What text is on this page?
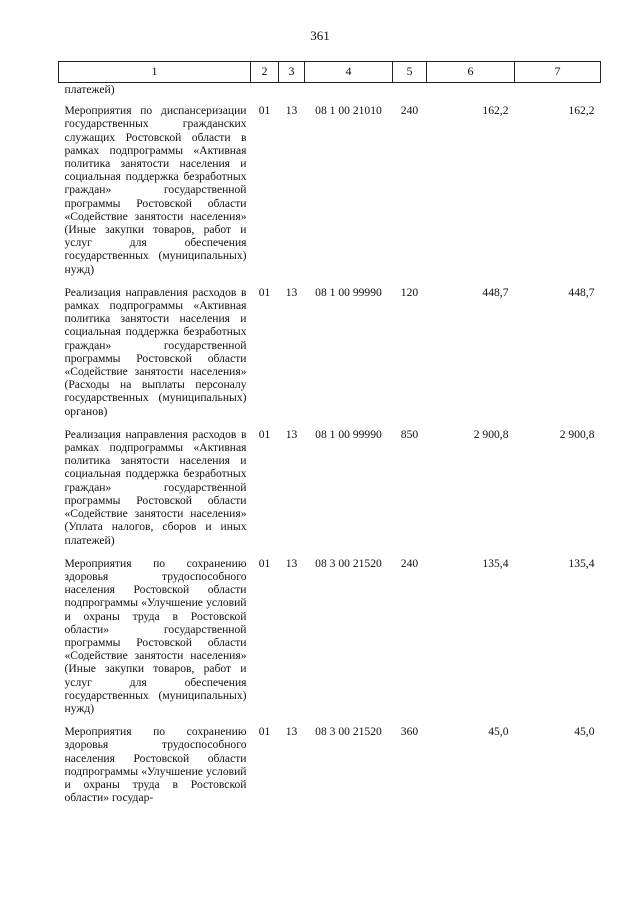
361
1	2	3	4	5	6	7
платежей)						
Мероприятия по диспансеризации государственных гражданских служащих Ростовской области в рамках подпрограммы «Активная политика занятости населения и социальная поддержка безработных граждан» государственной программы Ростовской области «Содействие занятости населения» (Иные закупки товаров, работ и услуг для обеспечения государственных (муниципальных) нужд)	01	13	08 1 00 21010	240	162,2	162,2
Реализация направления расходов в рамках подпрограммы «Активная политика занятости населения и социальная поддержка безработных граждан» государственной программы Ростовской области «Содействие занятости населения» (Расходы на выплаты персоналу государственных (муниципальных) органов)	01	13	08 1 00 99990	120	448,7	448,7
Реализация направления расходов в рамках подпрограммы «Активная политика занятости населения и социальная поддержка безработных граждан» государственной программы Ростовской области «Содействие занятости населения» (Уплата налогов, сборов и иных платежей)	01	13	08 1 00 99990	850	2 900,8	2 900,8
Мероприятия по сохранению здоровья трудоспособного населения Ростовской области подпрограммы «Улучшение условий и охраны труда в Ростовской области» государственной программы Ростовской области «Содействие занятости населения» (Иные закупки товаров, работ и услуг для обеспечения государственных (муниципальных) нужд)	01	13	08 3 00 21520	240	135,4	135,4
Мероприятия по сохранению здоровья трудоспособного населения Ростовской области подпрограммы «Улучшение условий и охраны труда в Ростовской области» государ-	01	13	08 3 00 21520	360	45,0	45,0
